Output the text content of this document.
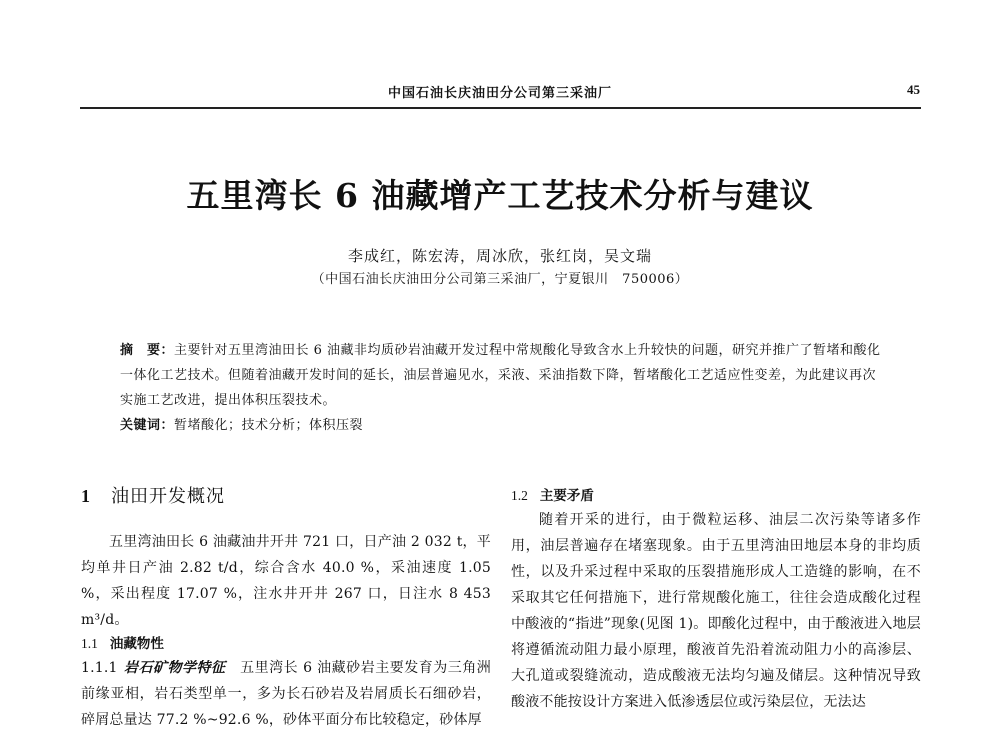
中国石油长庆油田分公司第三采油厂	45
五里湾长 6 油藏增产工艺技术分析与建议
李成红，陈宏涛，周冰欣，张红岗，吴文瑞
（中国石油长庆油田分公司第三采油厂，宁夏银川　750006）
摘　要：主要针对五里湾油田长 6 油藏非均质砂岩油藏开发过程中常规酸化导致含水上升较快的问题，研究并推广了暂堵和酸化一体化工艺技术。但随着油藏开发时间的延长，油层普遍见水，采液、采油指数下降，暂堵酸化工艺适应性变差，为此建议再次实施工艺改进，提出体积压裂技术。
关键词：暂堵酸化；技术分析；体积压裂
1 油田开发概况
五里湾油田长 6 油藏油井开井 721 口，日产油 2 032 t，平均单井日产油 2.82 t/d，综合含水 40.0 %，采油速度 1.05 %，采出程度 17.07 %，注水井开井 267 口，日注水 8 453 m³/d。
1.1 油藏物性
1.1.1 岩石矿物学特征　 五里湾长 6 油藏砂岩主要发育为三角洲前缘亚相，岩石类型单一，多为长石砂岩及岩屑质长石细砂岩，碎屑总量达 77.2 %~92.6 %，砂体平面分布比较稳定，砂体厚
1.2 主要矛盾
随着开采的进行，由于微粒运移、油层二次污染等诸多作用，油层普遍存在堵塞现象。由于五里湾油田地层本身的非均质性，以及升采过程中采取的压裂措施形成人工造缝的影响，在不采取其它任何措施下，进行常规酸化施工，往往会造成酸化过程中酸液的“指进”现象(见图 1)。即酸化过程中，由于酸液进入地层将遵循流动阻力最小原理，酸液首先沿着流动阻力小的高渗层、大孔道或裂缝流动，造成酸液无法均匀遍及储层。这种情况导致酸液不能按设计方案进入低渗透层位或污染层位，无法达
